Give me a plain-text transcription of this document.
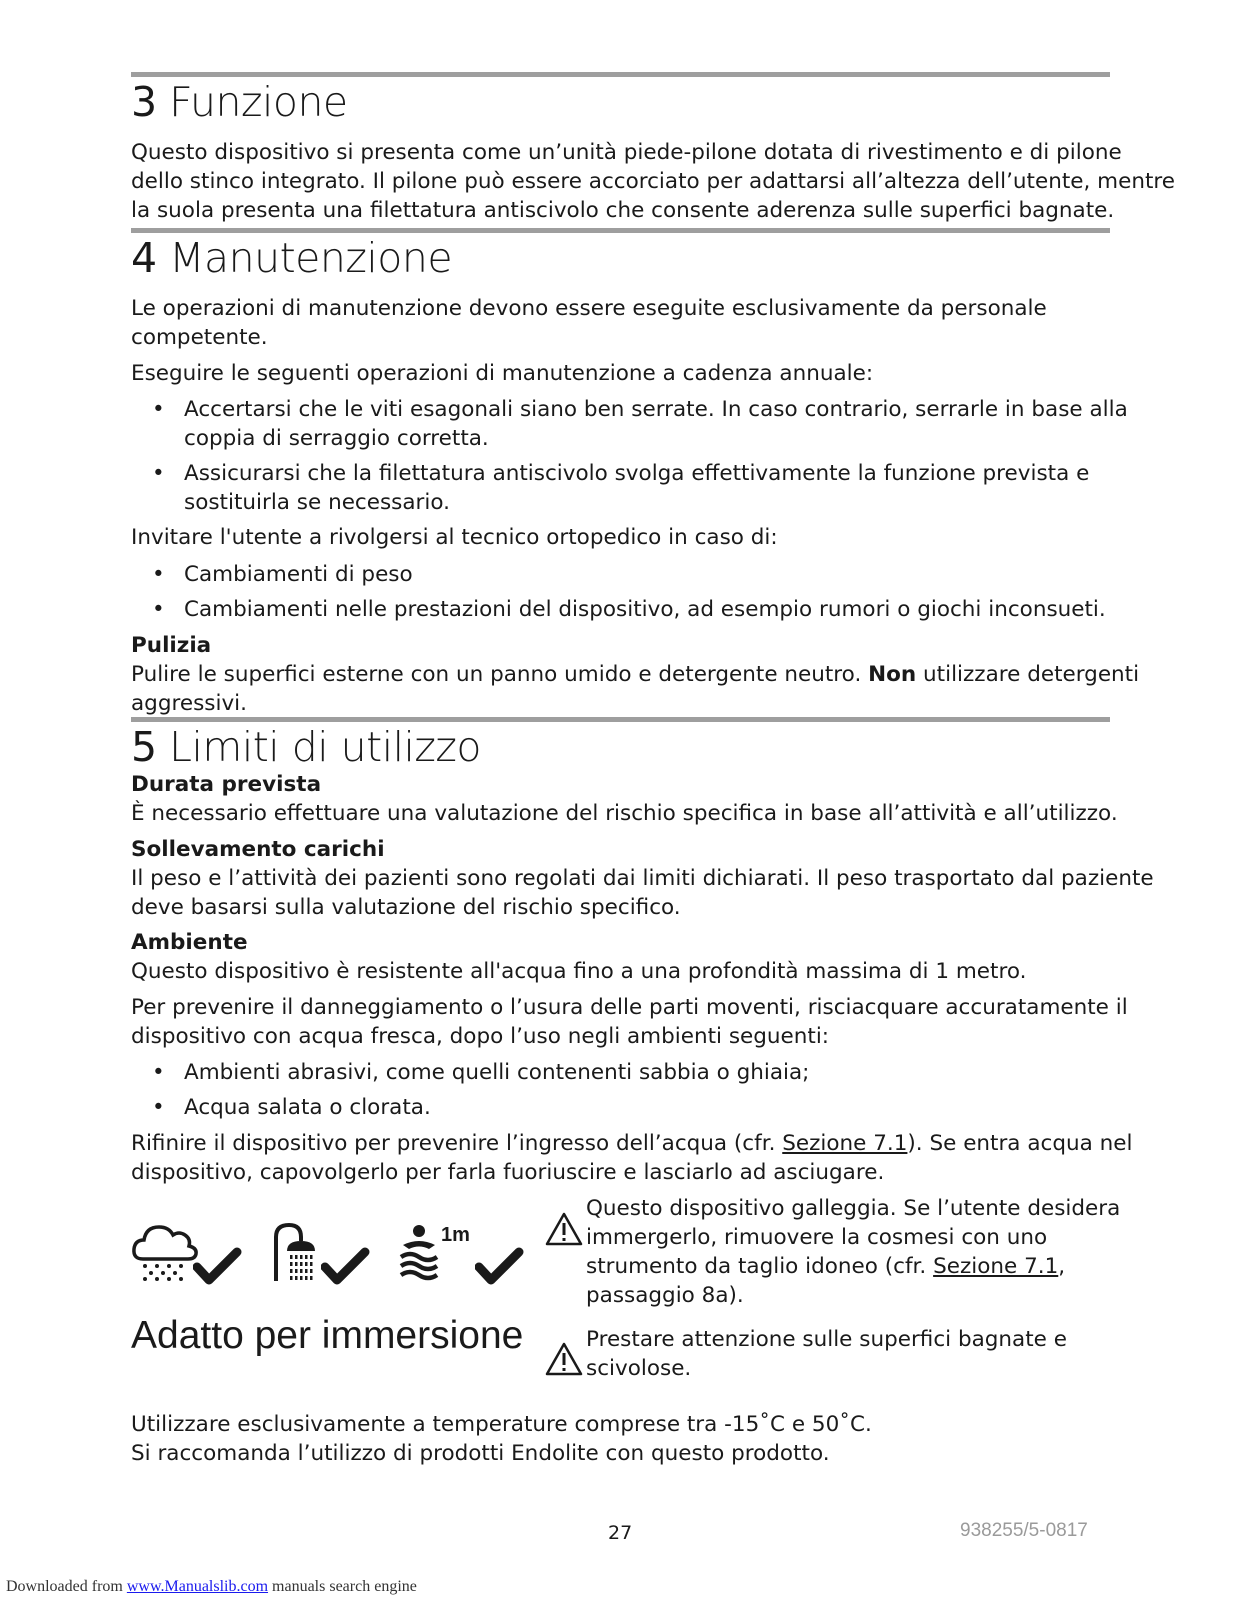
3 Funzione
Questo dispositivo si presenta come un’unità piede-pilone dotata di rivestimento e di pilone
dello stinco integrato. Il pilone può essere accorciato per adattarsi all’altezza dell’utente, mentre
la suola presenta una filettatura antiscivolo che consente aderenza sulle superfici bagnate.
4 Manutenzione
Le operazioni di manutenzione devono essere eseguite esclusivamente da personale
competente.
Eseguire le seguenti operazioni di manutenzione a cadenza annuale:
• Accertarsi che le viti esagonali siano ben serrate. In caso contrario, serrarle in base alla
coppia di serraggio corretta.
• Assicurarsi che la filettatura antiscivolo svolga effettivamente la funzione prevista e
sostituirla se necessario.
Invitare l'utente a rivolgersi al tecnico ortopedico in caso di:
• Cambiamenti di peso
• Cambiamenti nelle prestazioni del dispositivo, ad esempio rumori o giochi inconsueti.
Pulizia
Pulire le superfici esterne con un panno umido e detergente neutro. Non utilizzare detergenti
aggressivi.
5 Limiti di utilizzo
Durata prevista
È necessario effettuare una valutazione del rischio specifica in base all’attività e all’utilizzo.
Sollevamento carichi
Il peso e l’attività dei pazienti sono regolati dai limiti dichiarati. Il peso trasportato dal paziente
deve basarsi sulla valutazione del rischio specifico.
Ambiente
Questo dispositivo è resistente all'acqua fino a una profondità massima di 1 metro.
Per prevenire il danneggiamento o l’usura delle parti moventi, risciacquare accuratamente il
dispositivo con acqua fresca, dopo l’uso negli ambienti seguenti:
• Ambienti abrasivi, come quelli contenenti sabbia o ghiaia;
• Acqua salata o clorata.
Rifinire il dispositivo per prevenire l’ingresso dell’acqua (cfr. Sezione 7.1). Se entra acqua nel
dispositivo, capovolgerlo per farla fuoriuscire e lasciarlo ad asciugare.
1m
Adatto per immersione
Questo dispositivo galleggia. Se l’utente desidera
immergerlo, rimuovere la cosmesi con uno
strumento da taglio idoneo (cfr. Sezione 7.1,
passaggio 8a).
Prestare attenzione sulle superfici bagnate e
scivolose.
Utilizzare esclusivamente a temperature comprese tra -15˚C e 50˚C.
Si raccomanda l’utilizzo di prodotti Endolite con questo prodotto.
27	938255/5-0817
Downloaded from www.Manualslib.com manuals search engine
